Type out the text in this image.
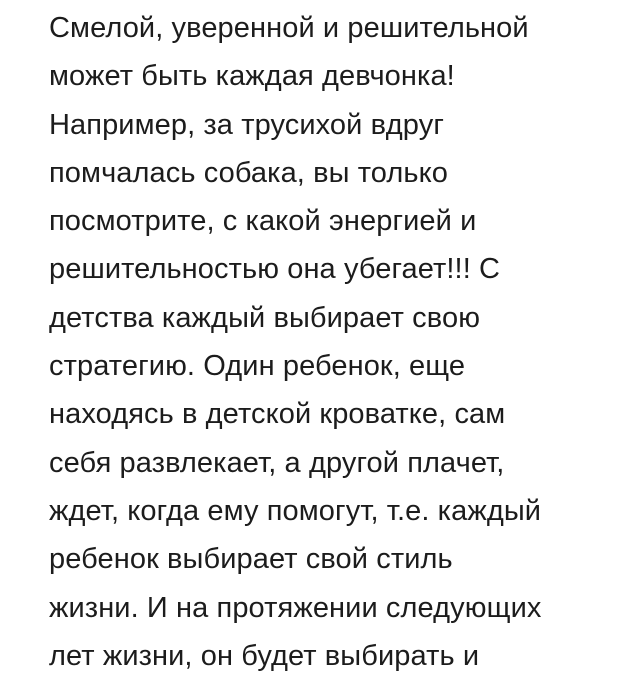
Смелой, уверенной и решительной
может быть каждая девчонка!
Например, за трусихой вдруг
помчалась собака, вы только
посмотрите, с какой энергией и
решительностью она убегает!!! С
детства каждый выбирает свою
стратегию. Один ребенок, еще
находясь в детской кроватке, сам
себя развлекает, а другой плачет,
ждет, когда ему помогут, т.е. каждый
ребенок выбирает свой стиль
жизни. И на протяжении следующих
лет жизни, он будет выбирать и
